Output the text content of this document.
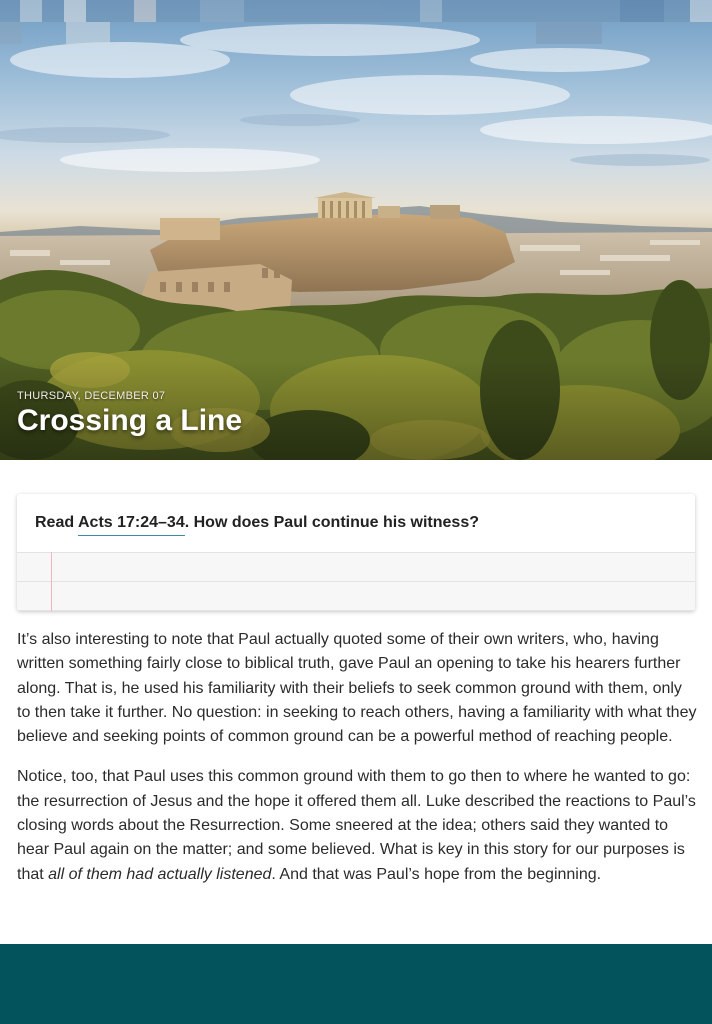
THURSDAY, DECEMBER 07
Crossing a Line
Read Acts 17:24–34. How does Paul continue his witness?

It’s also interesting to note that Paul actually quoted some of their own writers, who, having written something fairly close to biblical truth, gave Paul an opening to take his hearers further along. That is, he used his familiarity with their beliefs to seek common ground with them, only to then take it further. No question: in seeking to reach others, having a familiarity with what they believe and seeking points of common ground can be a powerful method of reaching people.

Notice, too, that Paul uses this common ground with them to go then to where he wanted to go: the resurrection of Jesus and the hope it offered them all. Luke described the reactions to Paul’s closing words about the Resurrection. Some sneered at the idea; others said they wanted to hear Paul again on the matter; and some believed. What is key in this story for our purposes is that all of them had actually listened. And that was Paul’s hope from the beginning.
